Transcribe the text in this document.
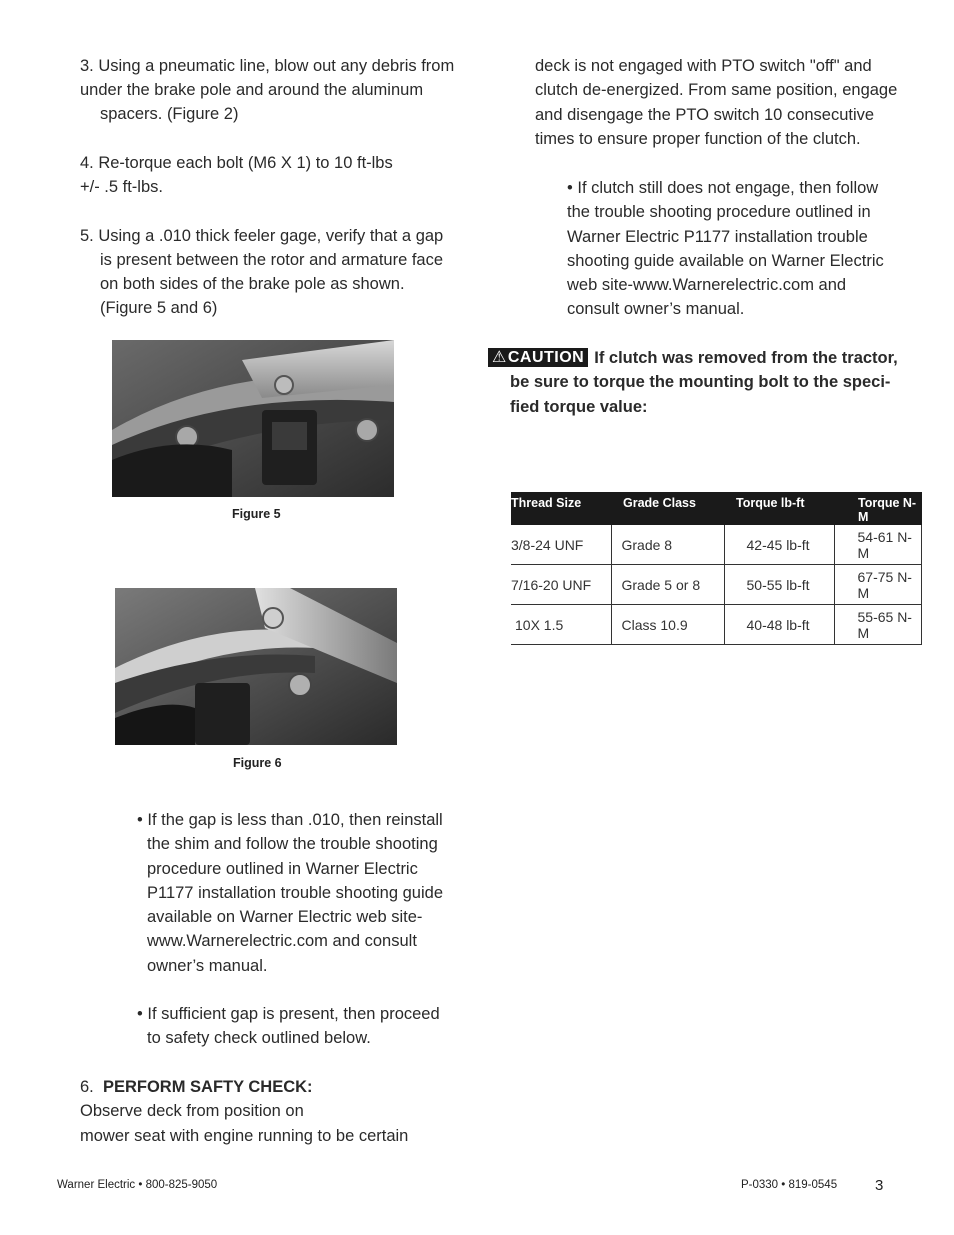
3. Using a pneumatic line, blow out any debris from

under the brake pole and around the aluminum

spacers. (Figure 2)

4. Re-torque each bolt (M6 X 1) to 10 ft-lbs

+/- .5 ft-lbs.

5. Using a .010 thick feeler gage, verify that a gap

is present between the rotor and armature face

on both sides of the brake pole as shown.

(Figure 5 and 6)

Figure 5
Figure 6
• If the gap is less than .010, then reinstall
the shim and follow the trouble shooting
procedure outlined in Warner Electric
P1177 installation trouble shooting guide
available on Warner Electric web site-
www.Warnerelectric.com and consult
owner’s manual.
• If sufficient gap is present, then proceed
to safety check outlined below.

6. PERFORM SAFTY CHECK:

Observe deck from position on

mower seat with engine running to be certain

deck is not engaged with PTO switch "off" and
clutch de-energized. From same position, engage
and disengage the PTO switch 10 consecutive
times to ensure proper function of the clutch.
• If clutch still does not engage, then follow
the trouble shooting procedure outlined in
Warner Electric P1177 installation trouble
shooting guide available on Warner Electric
web site-www.Warnerelectric.com and
consult owner’s manual.
⚠CAUTION If clutch was removed from the tractor,
be sure to torque the mounting bolt to the speci-
fied torque value:
Thread Size	Grade Class	Torque lb-ft	Torque N-M
3/8-24 UNF	Grade 8	42-45 lb-ft	54-61 N-M
7/16-20 UNF	Grade 5 or 8	50-55 lb-ft	67-75 N-M
10X 1.5	Class 10.9	40-48 lb-ft	55-65 N-M
Warner Electric • 800-825-9050	P-0330 • 819-0545	3
